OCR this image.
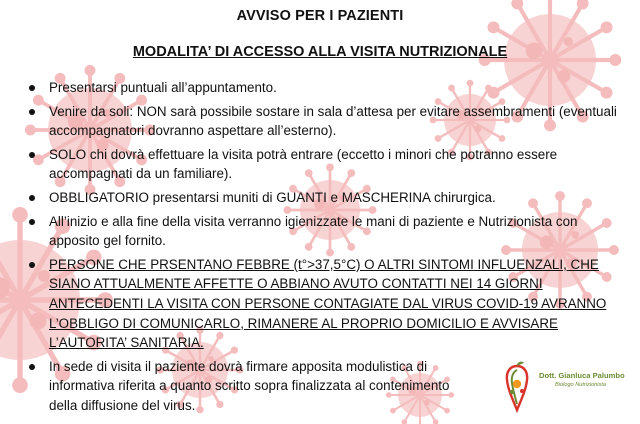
AVVISO PER I PAZIENTI
MODALITA’ DI ACCESSO ALLA VISITA NUTRIZIONALE
Presentarsi puntuali all’appuntamento.
Venire da soli: NON sarà possibile sostare in sala d’attesa per evitare assembramenti (eventuali accompagnatori dovranno aspettare all’esterno).
SOLO chi dovrà effettuare la visita potrà entrare (eccetto i minori che potranno essere accompagnati da un familiare).
OBBLIGATORIO presentarsi muniti di GUANTI e MASCHERINA chirurgica.
All’inizio e alla fine della visita verranno igienizzate le mani di paziente e Nutrizionista con apposito gel fornito.
PERSONE CHE PRSENTANO FEBBRE (t°>37,5°C) O ALTRI SINTOMI INFLUENZALI, CHE SIANO ATTUALMENTE AFFETTE O ABBIANO AVUTO CONTATTI NEI 14 GIORNI ANTECEDENTI LA VISITA CON PERSONE CONTAGIATE DAL VIRUS COVID-19 AVRANNO L’OBBLIGO DI COMUNICARLO, RIMANERE AL PROPRIO DOMICILIO E AVVISARE L’AUTORITA’ SANITARIA.
In sede di visita il paziente dovrà firmare apposita modulistica di informativa riferita a quanto scritto sopra finalizzata al contenimento della diffusione del virus.
Dott. Gianluca Palumbo
Biologo Nutrizionista
